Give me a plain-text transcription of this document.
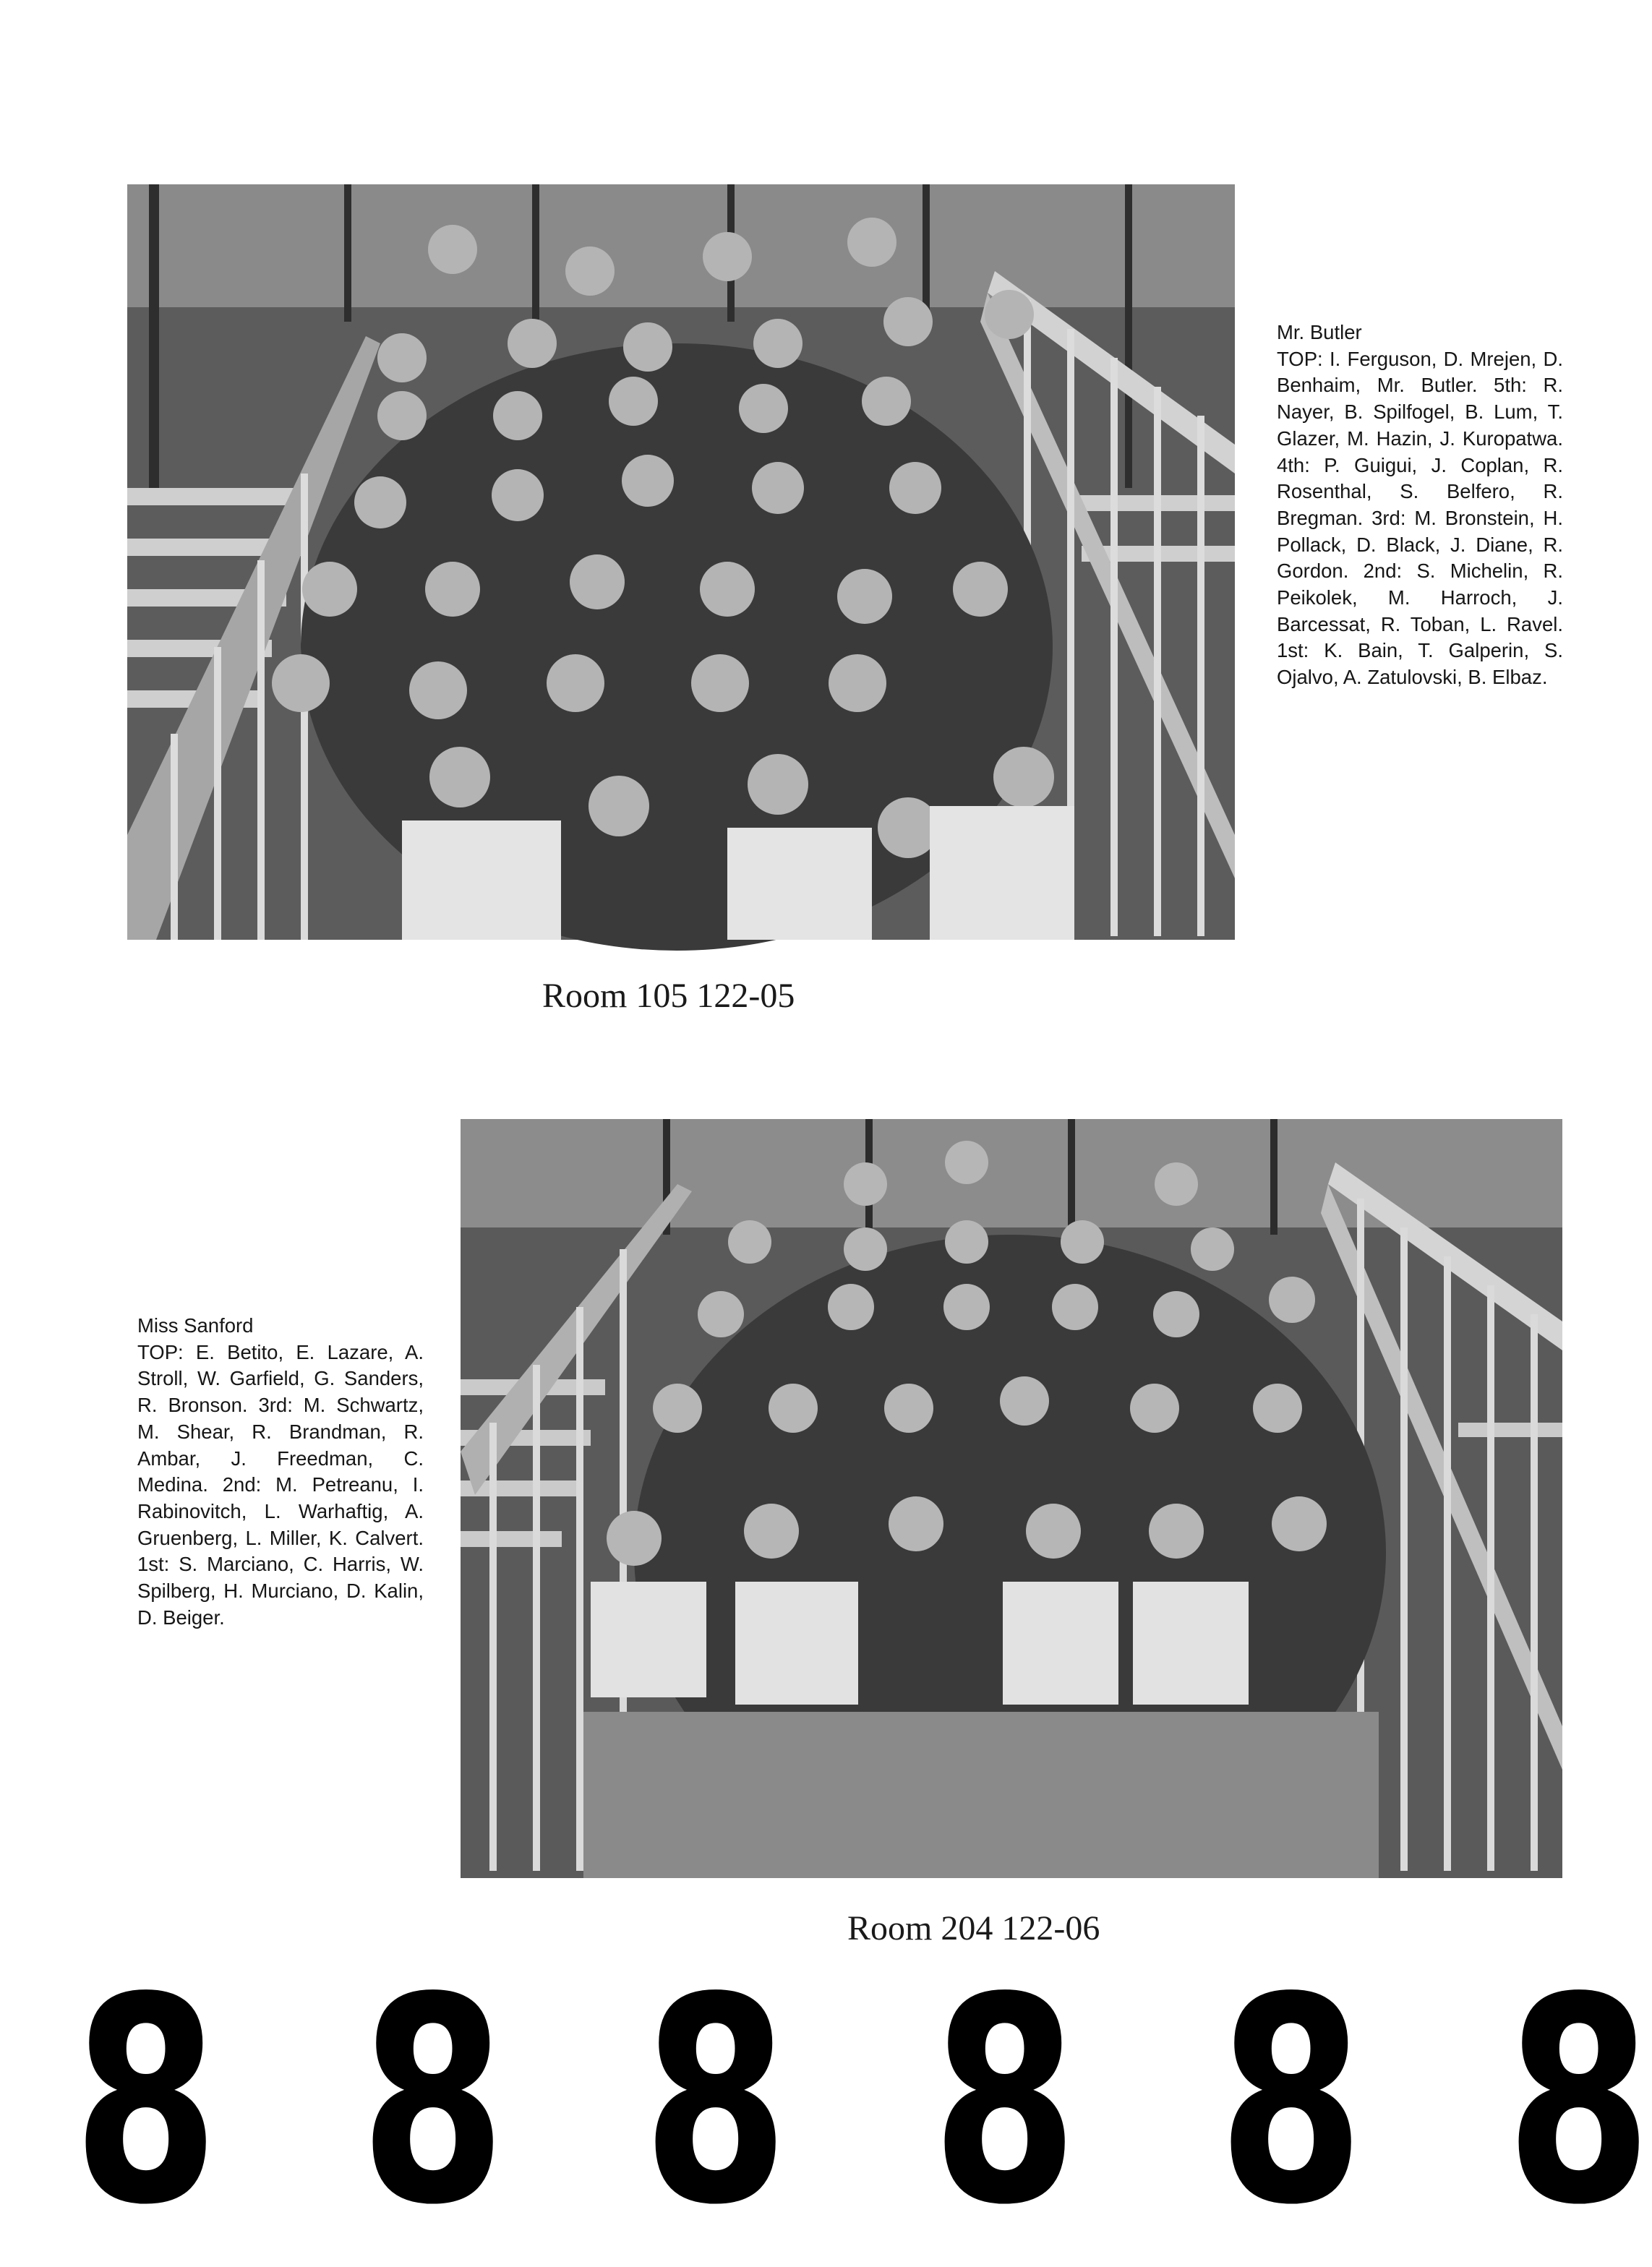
Mr. Butler
TOP: I. Ferguson, D. Mrejen, D. Benhaim, Mr. Butler. 5th: R. Nayer, B. Spilfogel, B. Lum, T. Glazer, M. Hazin, J. Kuropatwa. 4th: P. Guigui, J. Coplan, R. Rosenthal, S. Belfero, R. Bregman. 3rd: M. Bronstein, H. Pollack, D. Black, J. Diane, R. Gordon. 2nd: S. Michelin, R. Peikolek, M. Harroch, J. Barcessat, R. Toban, L. Ravel. 1st: K. Bain, T. Galperin, S. Ojalvo, A. Zatulovski, B. Elbaz.
Room 105 122-05
Miss Sanford
TOP: E. Betito, E. Lazare, A. Stroll, W. Garfield, G. Sanders, R. Bronson. 3rd: M. Schwartz, M. Shear, R. Brandman, R. Ambar, J. Freedman, C. Medina. 2nd: M. Petreanu, I. Rabinovitch, L. Warhaftig, A. Gruenberg, L. Miller, K. Calvert. 1st: S. Marciano, C. Harris, W. Spilberg, H. Murciano, D. Kalin, D. Beiger.
Room 204 122-06
8 8 8 8 8 8
